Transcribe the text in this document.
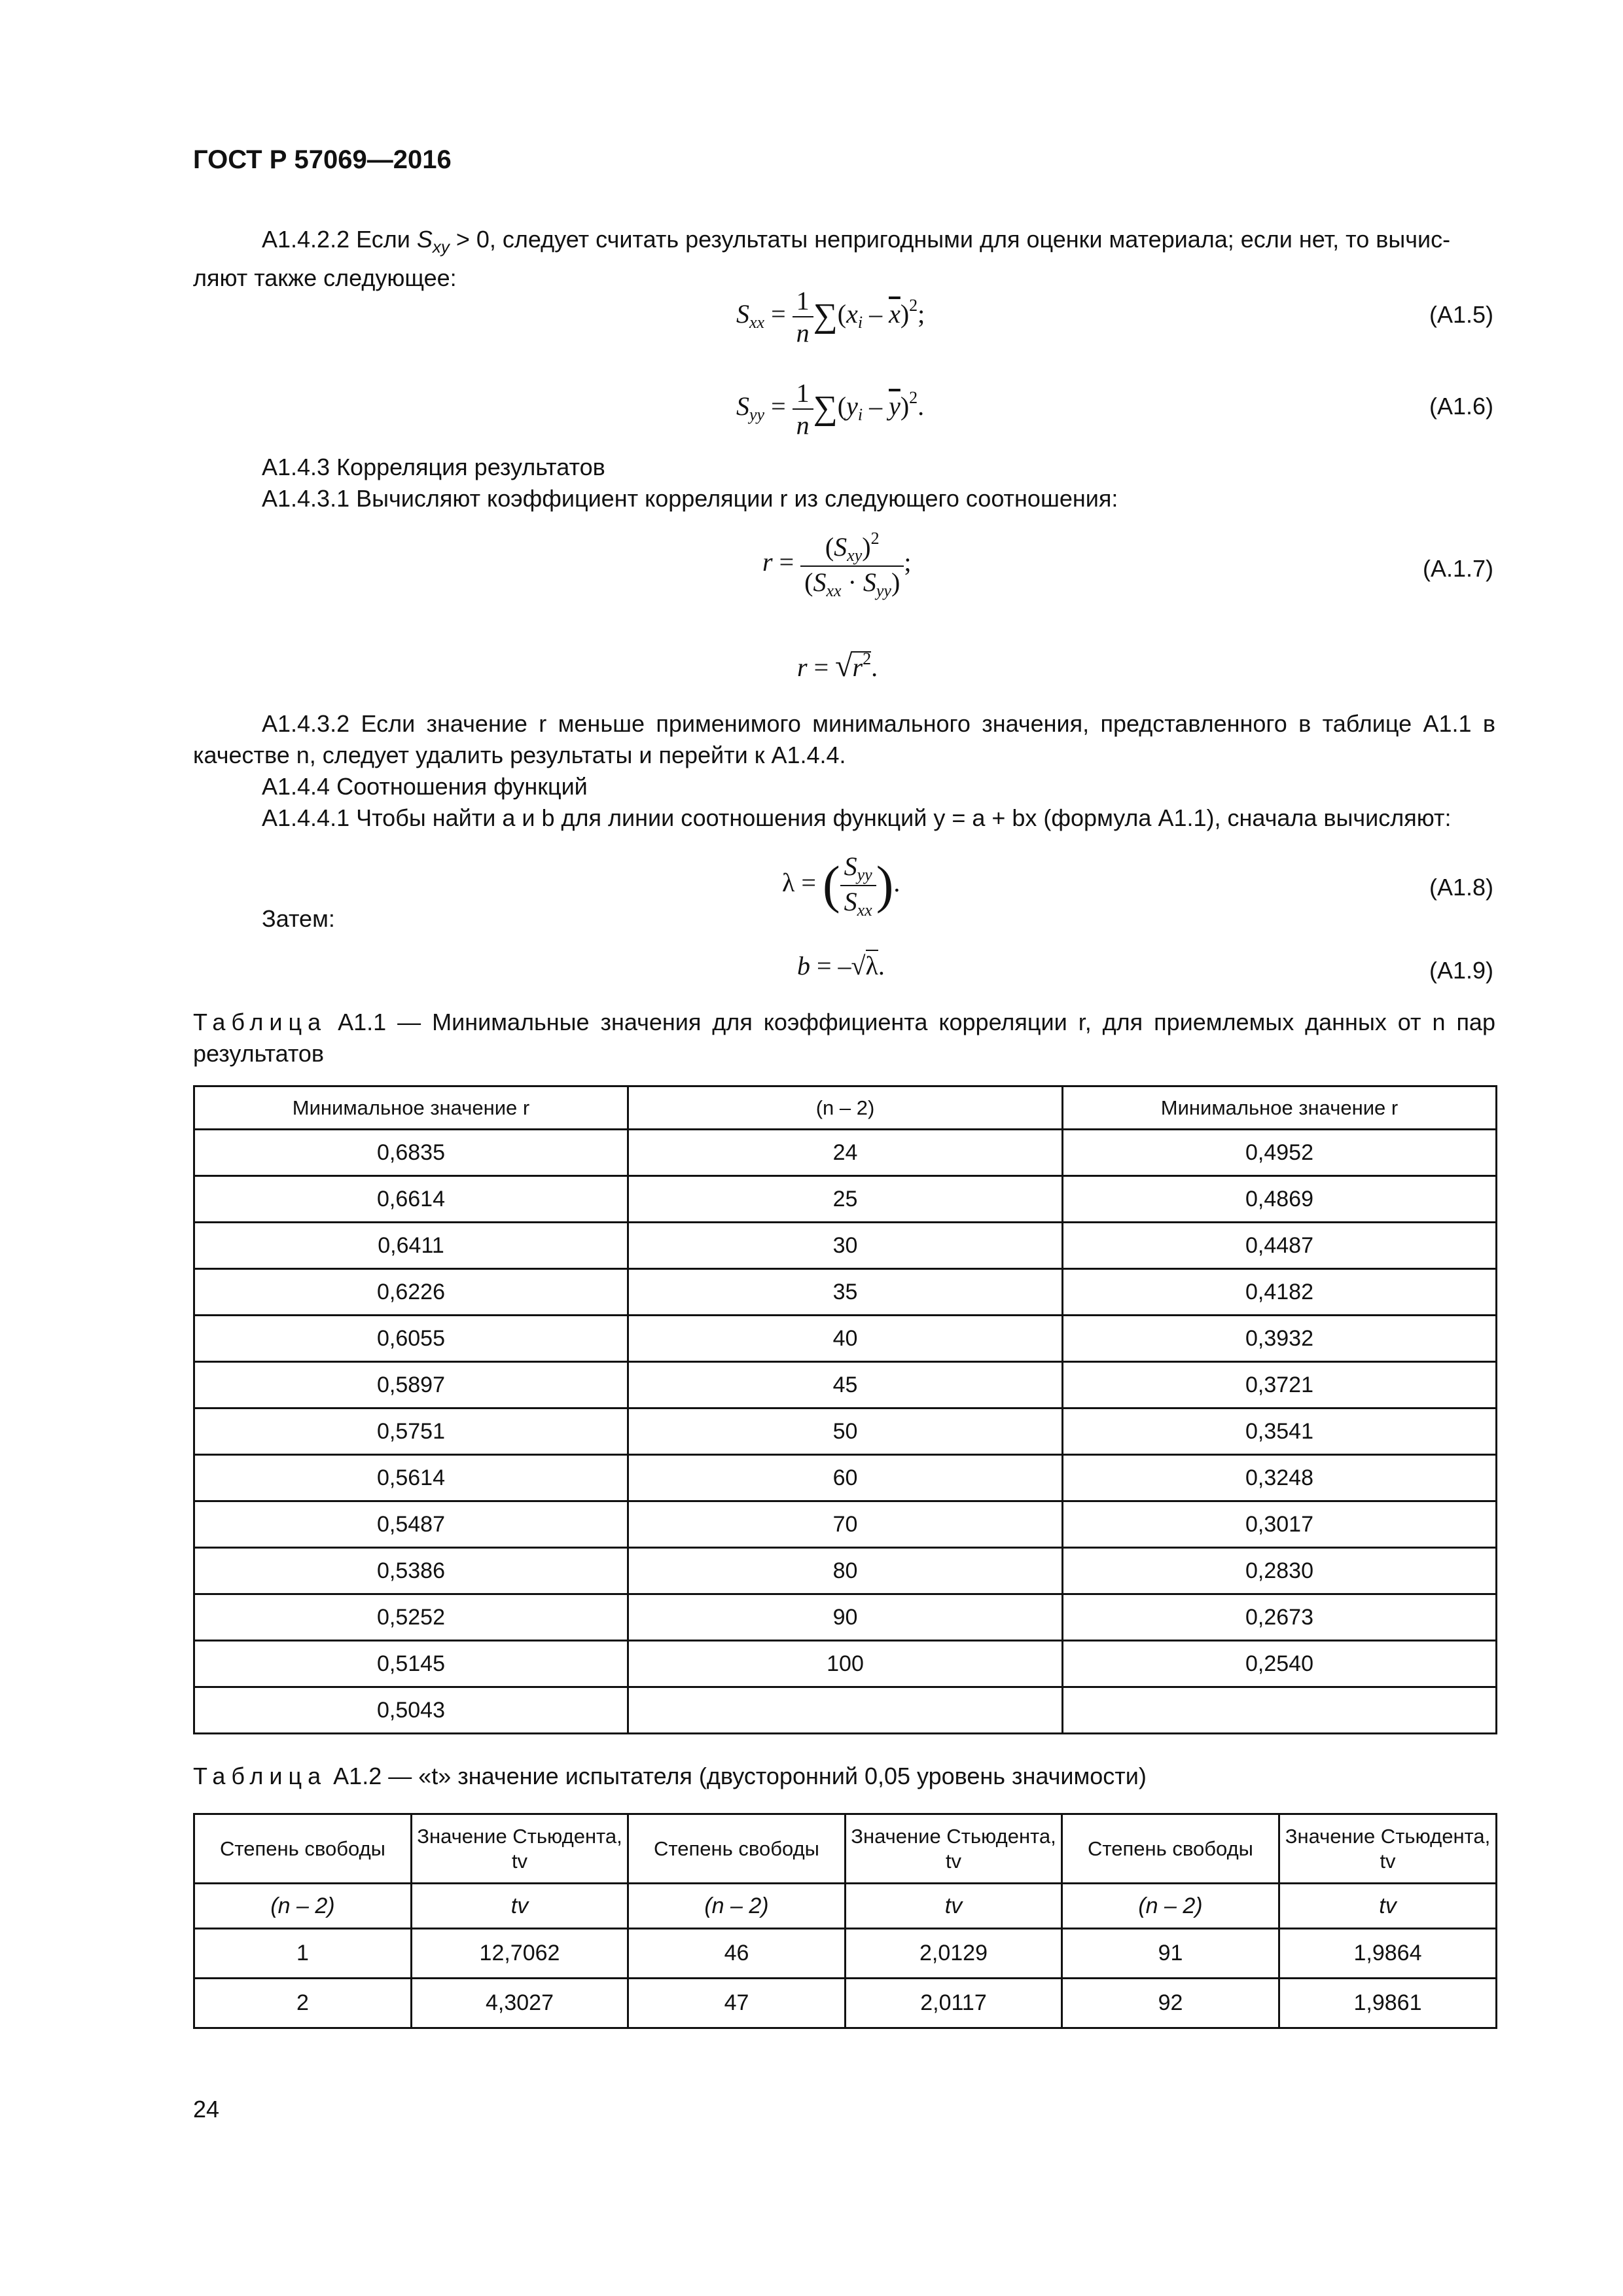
ГОСТ Р 57069—2016
А1.4.2.2 Если $S_{xy} > 0$, следует считать результаты непригодными для оценки материала; если нет, то вычис-ляют также следующее:
$S_{xx} = \frac{1}{n} \sum(x_i - \overline{x})^2$;	(А1.5)
$S_{yy} = \frac{1}{n} \sum(y_i - \overline{y})^2$.	(А1.6)
А1.4.3 Корреляция результатов
А1.4.3.1 Вычисляют коэффициент корреляции r из следующего соотношения:
$r = \frac{(S_{xy})^2}{(S_{xx} \cdot S_{yy})}$ ;	(А.1.7)
$r = √r^2$.
А1.4.3.2 Если значение r меньше применимого минимального значения, представленного в таблице А1.1 в качестве n, следует удалить результаты и перейти к А1.4.4.
А1.4.4 Соотношения функций
А1.4.4.1 Чтобы найти a и b для линии соотношения функций y = a + bx (формула А1.1), сначала вычисляют:
λ = ( $\frac{S_{yy}}{S_{xx}}$ ).	(А1.8)
Затем:
b = –√λ.	(А1.9)
Таблица А1.1 — Минимальные значения для коэффициента корреляции r, для приемлемых данных от n пар результатов
Минимальное значение r	(n – 2)	Минимальное значение r
0,6835	24	0,4952
0,6614	25	0,4869
0,6411	30	0,4487
0,6226	35	0,4182
0,6055	40	0,3932
0,5897	45	0,3721
0,5751	50	0,3541
0,5614	60	0,3248
0,5487	70	0,3017
0,5386	80	0,2830
0,5252	90	0,2673
0,5145	100	0,2540
0,5043		
Таблица А1.2 — «t» значение испытателя (двусторонний 0,05 уровень значимости)
Степень свободы	Значение Стьюдента, tv	Степень свободы	Значение Стьюдента, tv	Степень свободы	Значение Стьюдента, tv
(n – 2)	tv	(n – 2)	tv	(n – 2)	tv
1	12,7062	46	2,0129	91	1,9864
2	4,3027	47	2,0117	92	1,9861
24
